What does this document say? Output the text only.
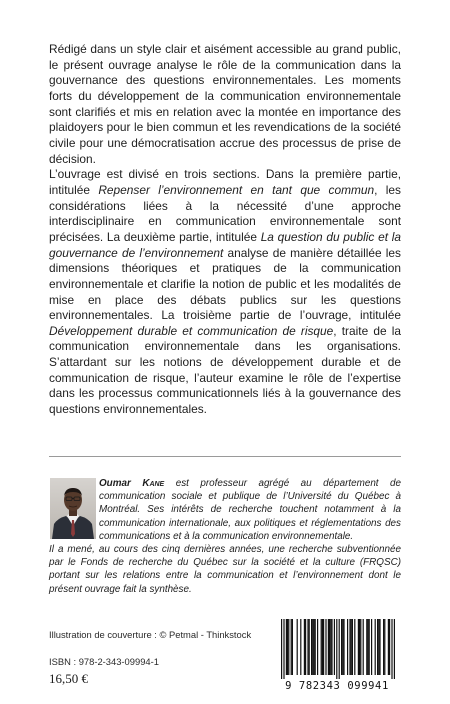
Rédigé dans un style clair et aisément accessible au grand public, le présent ouvrage analyse le rôle de la communication dans la gouvernance des questions environnementales. Les moments forts du développement de la communication environnementale sont clarifiés et mis en relation avec la montée en importance des plaidoyers pour le bien commun et les revendications de la société civile pour une démocratisation accrue des processus de prise de décision.

L’ouvrage est divisé en trois sections. Dans la première partie, intitulée Repenser l’environnement en tant que commun, les considérations liées à la nécessité d’une approche interdisciplinaire en communication environnementale sont précisées. La deuxième partie, intitulée La question du public et la gouvernance de l’environnement analyse de manière détaillée les dimensions théoriques et pratiques de la communication environnementale et clarifie la notion de public et les modalités de mise en place des débats publics sur les questions environnementales. La troisième partie de l’ouvrage, intitulée Développement durable et communication de risque, traite de la communication environnementale dans les organisations. S’attardant sur les notions de développement durable et de communication de risque, l’auteur examine le rôle de l’expertise dans les processus communicationnels liés à la gouvernance des questions environnementales.

Oumar Kane est professeur agrégé au département de communication sociale et publique de l’Université du Québec à Montréal. Ses intérêts de recherche touchent notamment à la communication internationale, aux politiques et réglementations des communications et à la communication environnementale.

Il a mené, au cours des cinq dernières années, une recherche subventionnée par le Fonds de recherche du Québec sur la société et la culture (FRQSC) portant sur les relations entre la communication et l’environnement dont le présent ouvrage fait la synthèse.

Illustration de couverture : © Petmal - Thinkstock
ISBN : 978-2-343-09994-1
16,50 €	9 782343 099941
